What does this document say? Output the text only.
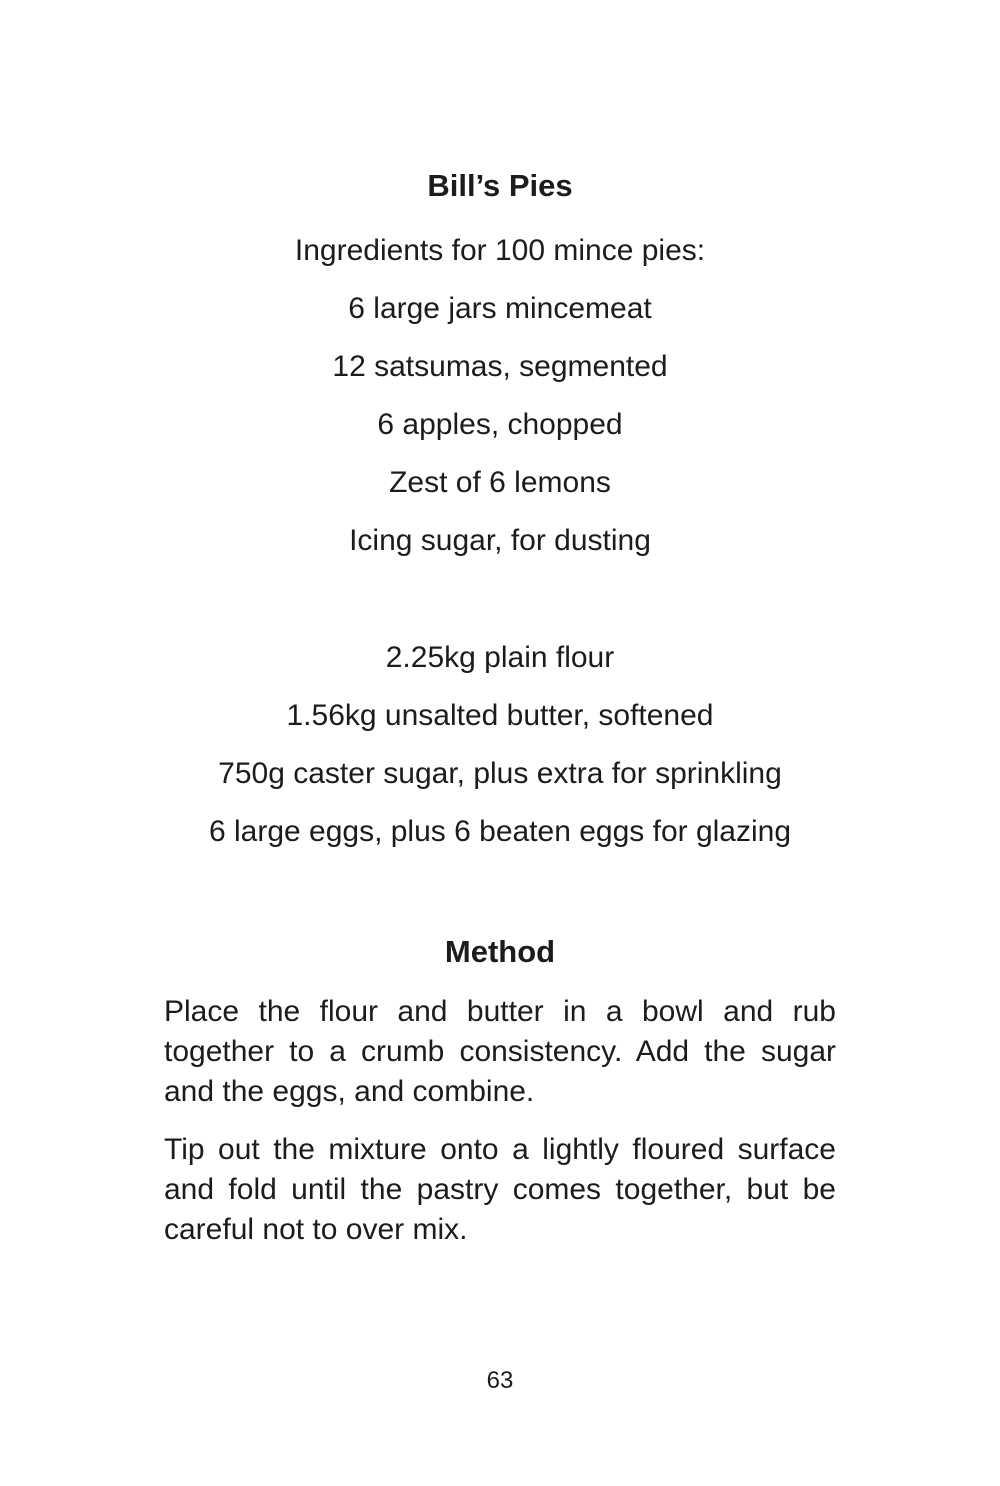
Bill’s Pies

Ingredients for 100 mince pies:

6 large jars mincemeat

12 satsumas, segmented

6 apples, chopped

Zest of 6 lemons

Icing sugar, for dusting

2.25kg plain flour

1.56kg unsalted butter, softened

750g caster sugar, plus extra for sprinkling

6 large eggs, plus 6 beaten eggs for glazing

Method

Place the flour and butter in a bowl and rub together to a crumb consistency. Add the sugar and the eggs, and combine.

Tip out the mixture onto a lightly floured surface and fold until the pastry comes together, but be careful not to over mix.

63
